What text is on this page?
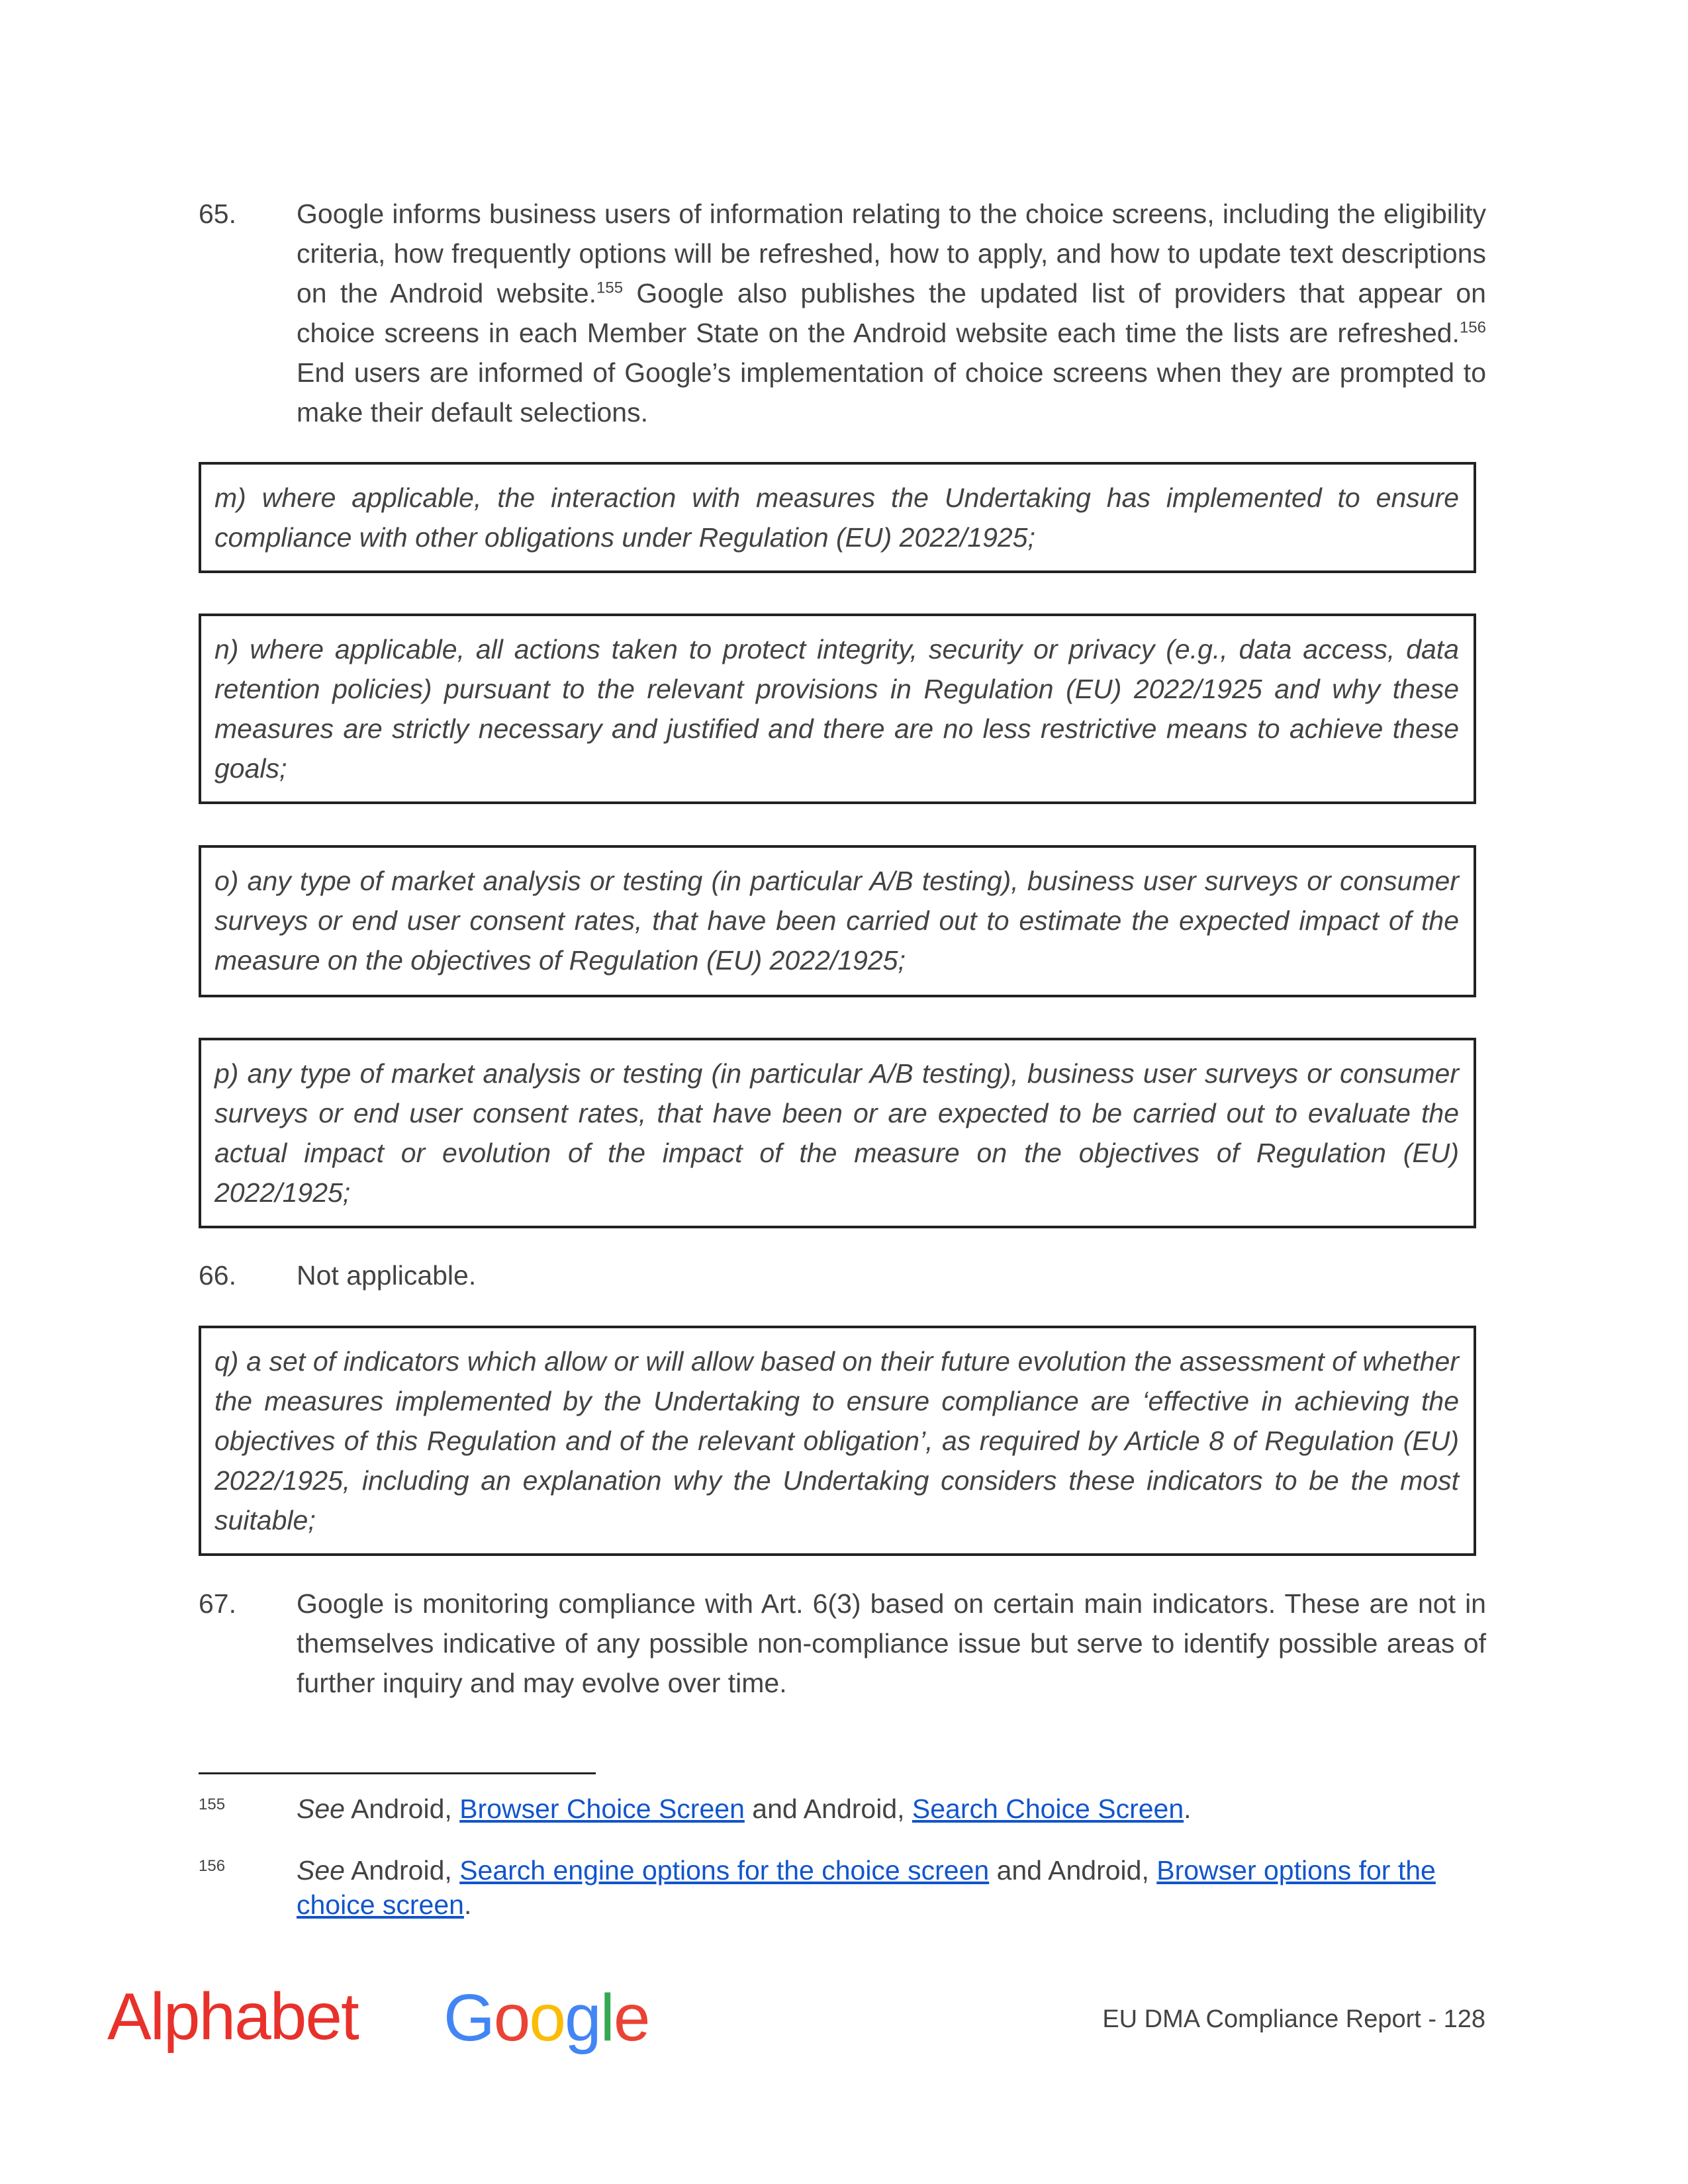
65. Google informs business users of information relating to the choice screens, including the eligibility criteria, how frequently options will be refreshed, how to apply, and how to update text descriptions on the Android website.$^{155}$ Google also publishes the updated list of providers that appear on choice screens in each Member State on the Android website each time the lists are refreshed.$^{156}$ End users are informed of Google’s implementation of choice screens when they are prompted to make their default selections.
m) where applicable, the interaction with measures the Undertaking has implemented to ensure compliance with other obligations under Regulation (EU) 2022/1925;
n) where applicable, all actions taken to protect integrity, security or privacy (e.g., data access, data retention policies) pursuant to the relevant provisions in Regulation (EU) 2022/1925 and why these measures are strictly necessary and justified and there are no less restrictive means to achieve these goals;
o) any type of market analysis or testing (in particular A/B testing), business user surveys or consumer surveys or end user consent rates, that have been carried out to estimate the expected impact of the measure on the objectives of Regulation (EU) 2022/1925;
p) any type of market analysis or testing (in particular A/B testing), business user surveys or consumer surveys or end user consent rates, that have been or are expected to be carried out to evaluate the actual impact or evolution of the impact of the measure on the objectives of Regulation (EU) 2022/1925;
66. Not applicable.
q) a set of indicators which allow or will allow based on their future evolution the assessment of whether the measures implemented by the Undertaking to ensure compliance are ‘effective in achieving the objectives of this Regulation and of the relevant obligation’, as required by Article 8 of Regulation (EU) 2022/1925, including an explanation why the Undertaking considers these indicators to be the most suitable;
67. Google is monitoring compliance with Art. 6(3) based on certain main indicators. These are not in themselves indicative of any possible non-compliance issue but serve to identify possible areas of further inquiry and may evolve over time.
155	See Android, Browser Choice Screen and Android, Search Choice Screen.
156	See Android, Search engine options for the choice screen and Android, Browser options for the choice screen.
Alphabet Google	EU DMA Compliance Report - 128
